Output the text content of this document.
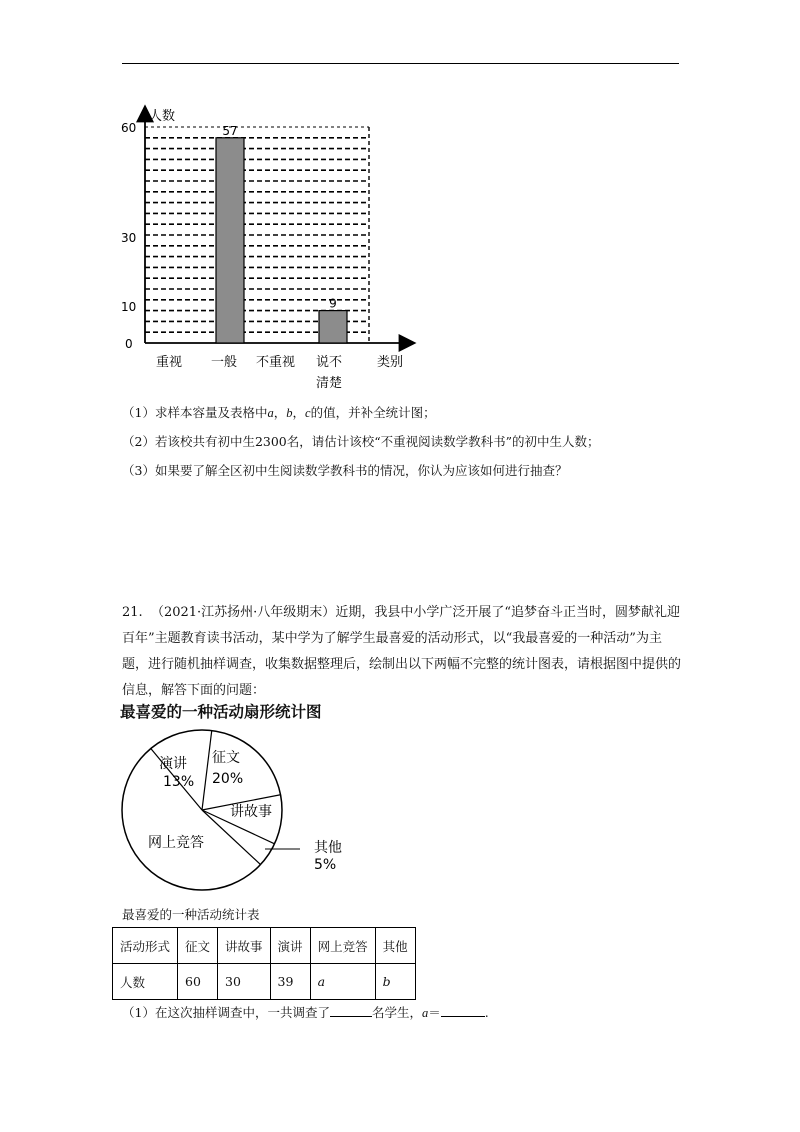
人数
类别
60
30
10
0
57
9
重视 一般 不重视 说不
清楚
（1）求样本容量及表格中a，b，c的值，并补全统计图；
（2）若该校共有初中生2300名，请估计该校“不重视阅读数学教科书”的初中生人数；
（3）如果要了解全区初中生阅读数学教科书的情况，你认为应该如何进行抽查？
21. （2021·江苏扬州·八年级期末）近期，我县中小学广泛开展了“追梦奋斗正当时，圆梦献礼迎百年”主题教育读书活动，某中学为了解学生最喜爱的活动形式，以“我最喜爱的一种活动”为主题，进行随机抽样调查，收集数据整理后，绘制出以下两幅不完整的统计图表，请根据图中提供的信息，解答下面的问题：
最喜爱的一种活动扇形统计图
演讲
13%
征文
20%
讲故事
网上竞答	其他
5%
最喜爱的一种活动统计表
活动形式	征文	讲故事	演讲	网上竞答	其他
人数	60	30	39	a	b
（1）在这次抽样调查中，一共调查了	名学生，a＝	.
